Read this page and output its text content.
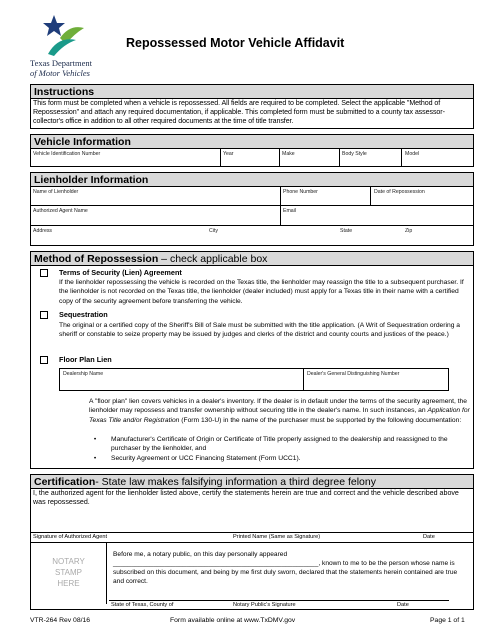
Texas Department
of Motor Vehicles
Repossessed Motor Vehicle Affidavit
Instructions
This form must be completed when a vehicle is repossessed. All fields are required to be completed. Select the applicable "Method of Repossession" and attach any required documentation, if applicable. This completed form must be submitted to a county tax assessor-collector's office in addition to all other required documents at the time of title transfer.
Vehicle Information
Vehicle Identification Number	Year	Make	Body Style	Model
Lienholder Information
Name of Lienholder	Phone Number	Date of Repossession
Authorized Agent Name	Email
Address	City	State	Zip
Method of Repossession – check applicable box
Terms of Security (Lien) Agreement
If the lienholder repossessing the vehicle is recorded on the Texas title, the lienholder may reassign the title to a subsequent purchaser. If the lienholder is not recorded on the Texas title, the lienholder (dealer included) must apply for a Texas title in their name with a certified copy of the security agreement before transferring the vehicle.
Sequestration
The original or a certified copy of the Sheriff's Bill of Sale must be submitted with the title application. (A Writ of Sequestration ordering a sheriff or constable to seize property may be issued by judges and clerks of the district and county courts and justices of the peace.)
Floor Plan Lien
Dealership Name	Dealer's General Distinguishing Number
A "floor plan" lien covers vehicles in a dealer's inventory. If the dealer is in default under the terms of the security agreement, the lienholder may repossess and transfer ownership without securing title in the dealer's name. In such instances, an Application for Texas Title and/or Registration (Form 130-U) in the name of the purchaser must be supported by the following documentation:
•	Manufacturer's Certificate of Origin or Certificate of Title properly assigned to the dealership and reassigned to the purchaser by the lienholder, and
•	Security Agreement or UCC Financing Statement (Form UCC1).
Certification- State law makes falsifying information a third degree felony
I, the authorized agent for the lienholder listed above, certify the statements herein are true and correct and the vehicle described above was repossessed.
Signature of Authorized Agent	Printed Name (Same as Signature)	Date
NOTARY
STAMP
HERE
Before me, a notary public, on this day personally appeared ________________________________________________________, known to me to be the person whose name is subscribed on this document, and being by me first duly sworn, declared that the statements herein contained are true and correct.
State of Texas, County of	Notary Public's Signature	Date
VTR-264 Rev 08/16	Form available online at www.TxDMV.gov	Page 1 of 1
